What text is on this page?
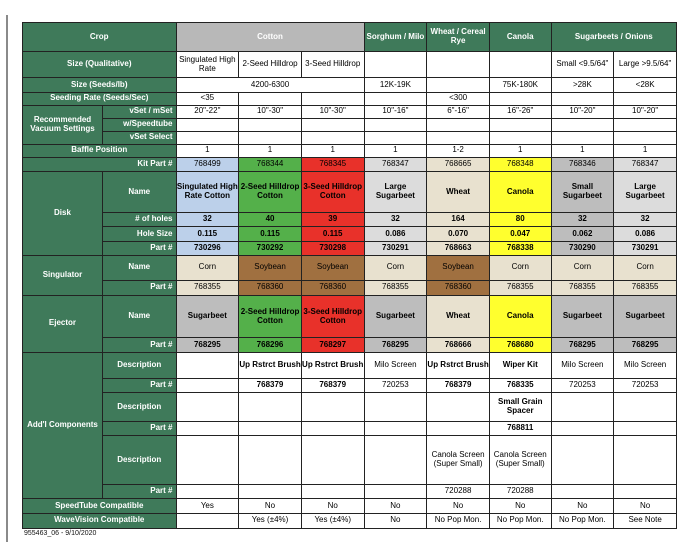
Crop		Cotton			Sorghum / Milo	Wheat / Cereal Rye	Canola	Sugarbeets / Onions	
Size (Qualitative)		Singulated High Rate	2-Seed Hilldrop	3-Seed Hilldrop				Small <9.5/64"	Large >9.5/64"
Size (Seeds/lb)		4200-6300			12K-19K		75K-180K	>28K	<28K
Seeding Rate (Seeds/Sec)		<35				<300			
Recommended Vacuum Settings	vSet / mSet	20"-22"	10"-30"	10"-30"	10"-16"	6"-16"	16"-26"	10"-20"	10"-20"
	w/Speedtube								
	vSet Select								
Baffle Position		1	1	1	1	1-2	1	1	1
Kit Part #		768499	768344	768345	768347	768665	768348	768346	768347
Disk	Name	Singulated High Rate Cotton	2-Seed Hilldrop Cotton	3-Seed Hilldrop Cotton	Large Sugarbeet	Wheat	Canola	Small Sugarbeet	Large Sugarbeet
	# of holes	32	40	39	32	164	80	32	32
	Hole Size	0.115	0.115	0.115	0.086	0.070	0.047	0.062	0.086
	Part #	730296	730292	730298	730291	768663	768338	730290	730291
Singulator	Name	Corn	Soybean	Soybean	Corn	Soybean	Corn	Corn	Corn
	Part #	768355	768360	768360	768355	768360	768355	768355	768355
Ejector	Name	Sugarbeet	2-Seed Hilldrop Cotton	3-Seed Hilldrop Cotton	Sugarbeet	Wheat	Canola	Sugarbeet	Sugarbeet
	Part #	768295	768296	768297	768295	768666	768680	768295	768295
Add'l Components	Description		Up Rstrct Brush	Up Rstrct Brush	Milo Screen	Up Rstrct Brush	Wiper Kit	Milo Screen	Milo Screen
	Part #		768379	768379	720253	768379	768335	720253	720253
	Description						Small Grain Spacer		
	Part #						768811		
	Description					Canola Screen (Super Small)	Canola Screen (Super Small)		
	Part #					720288	720288		
SpeedTube Compatible		Yes	No	No	No	No	No	No	No
WaveVision Compatible			Yes (±4%)	Yes (±4%)	No	No Pop Mon.	No Pop Mon.	No Pop Mon.	See Note
955463_06 - 9/10/2020
